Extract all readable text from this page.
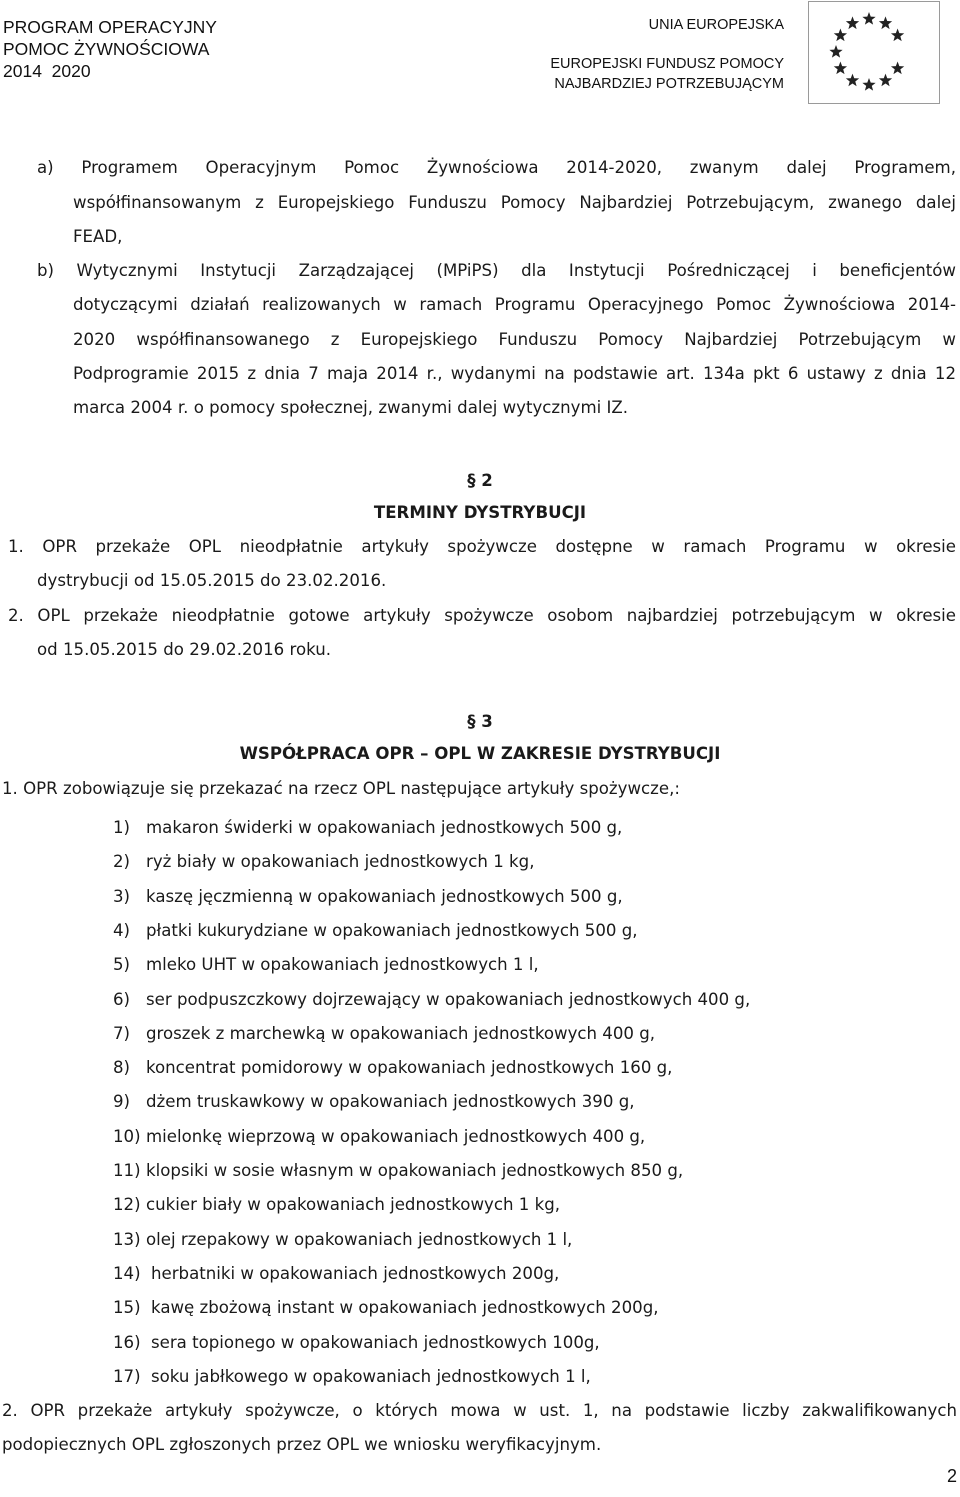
PROGRAM OPERACYJNY
POMOC ŻYWNOŚCIOWA
2014  2020
UNIA EUROPEJSKA
EUROPEJSKI FUNDUSZ POMOCY
NAJBARDZIEJ POTRZEBUJĄCYM
a) Programem Operacyjnym Pomoc Żywnościowa 2014-2020, zwanym dalej Programem,
współfinansowanym z Europejskiego Funduszu Pomocy Najbardziej Potrzebującym, zwanego dalej
FEAD,
b) Wytycznymi Instytucji Zarządzającej (MPiPS) dla Instytucji Pośredniczącej i beneficjentów
dotyczącymi działań realizowanych w ramach Programu Operacyjnego Pomoc Żywnościowa 2014-
2020 współfinansowanego z Europejskiego Funduszu Pomocy Najbardziej Potrzebującym w
Podprogramie 2015 z dnia 7 maja 2014 r., wydanymi na podstawie art. 134a pkt 6 ustawy z dnia 12
marca 2004 r. o pomocy społecznej, zwanymi dalej wytycznymi IZ.
§ 2
TERMINY DYSTRYBUCJI
1. OPR przekaże OPL nieodpłatnie artykuły spożywcze dostępne w ramach Programu w okresie
dystrybucji od 15.05.2015 do 23.02.2016.
2. OPL przekaże nieodpłatnie gotowe artykuły spożywcze osobom najbardziej potrzebującym w okresie
od 15.05.2015 do 29.02.2016 roku.
§ 3
WSPÓŁPRACA OPR – OPL W ZAKRESIE DYSTRYBUCJI
1. OPR zobowiązuje się przekazać na rzecz OPL następujące artykuły spożywcze,:
1) makaron świderki w opakowaniach jednostkowych 500 g,
2) ryż biały w opakowaniach jednostkowych 1 kg,
3) kaszę jęczmienną w opakowaniach jednostkowych 500 g,
4) płatki kukurydziane w opakowaniach jednostkowych 500 g,
5) mleko UHT w opakowaniach jednostkowych 1 l,
6) ser podpuszczkowy dojrzewający w opakowaniach jednostkowych 400 g,
7) groszek z marchewką w opakowaniach jednostkowych 400 g,
8) koncentrat pomidorowy w opakowaniach jednostkowych 160 g,
9) dżem truskawkowy w opakowaniach jednostkowych 390 g,
10) mielonkę wieprzową w opakowaniach jednostkowych 400 g,
11) klopsiki w sosie własnym w opakowaniach jednostkowych 850 g,
12) cukier biały w opakowaniach jednostkowych 1 kg,
13) olej rzepakowy w opakowaniach jednostkowych 1 l,
14) herbatniki w opakowaniach jednostkowych 200g,
15) kawę zbożową instant w opakowaniach jednostkowych 200g,
16) sera topionego w opakowaniach jednostkowych 100g,
17) soku jabłkowego w opakowaniach jednostkowych 1 l,
2. OPR przekaże artykuły spożywcze, o których mowa w ust. 1, na podstawie liczby zakwalifikowanych
podopiecznych OPL zgłoszonych przez OPL we wniosku weryfikacyjnym.
2
